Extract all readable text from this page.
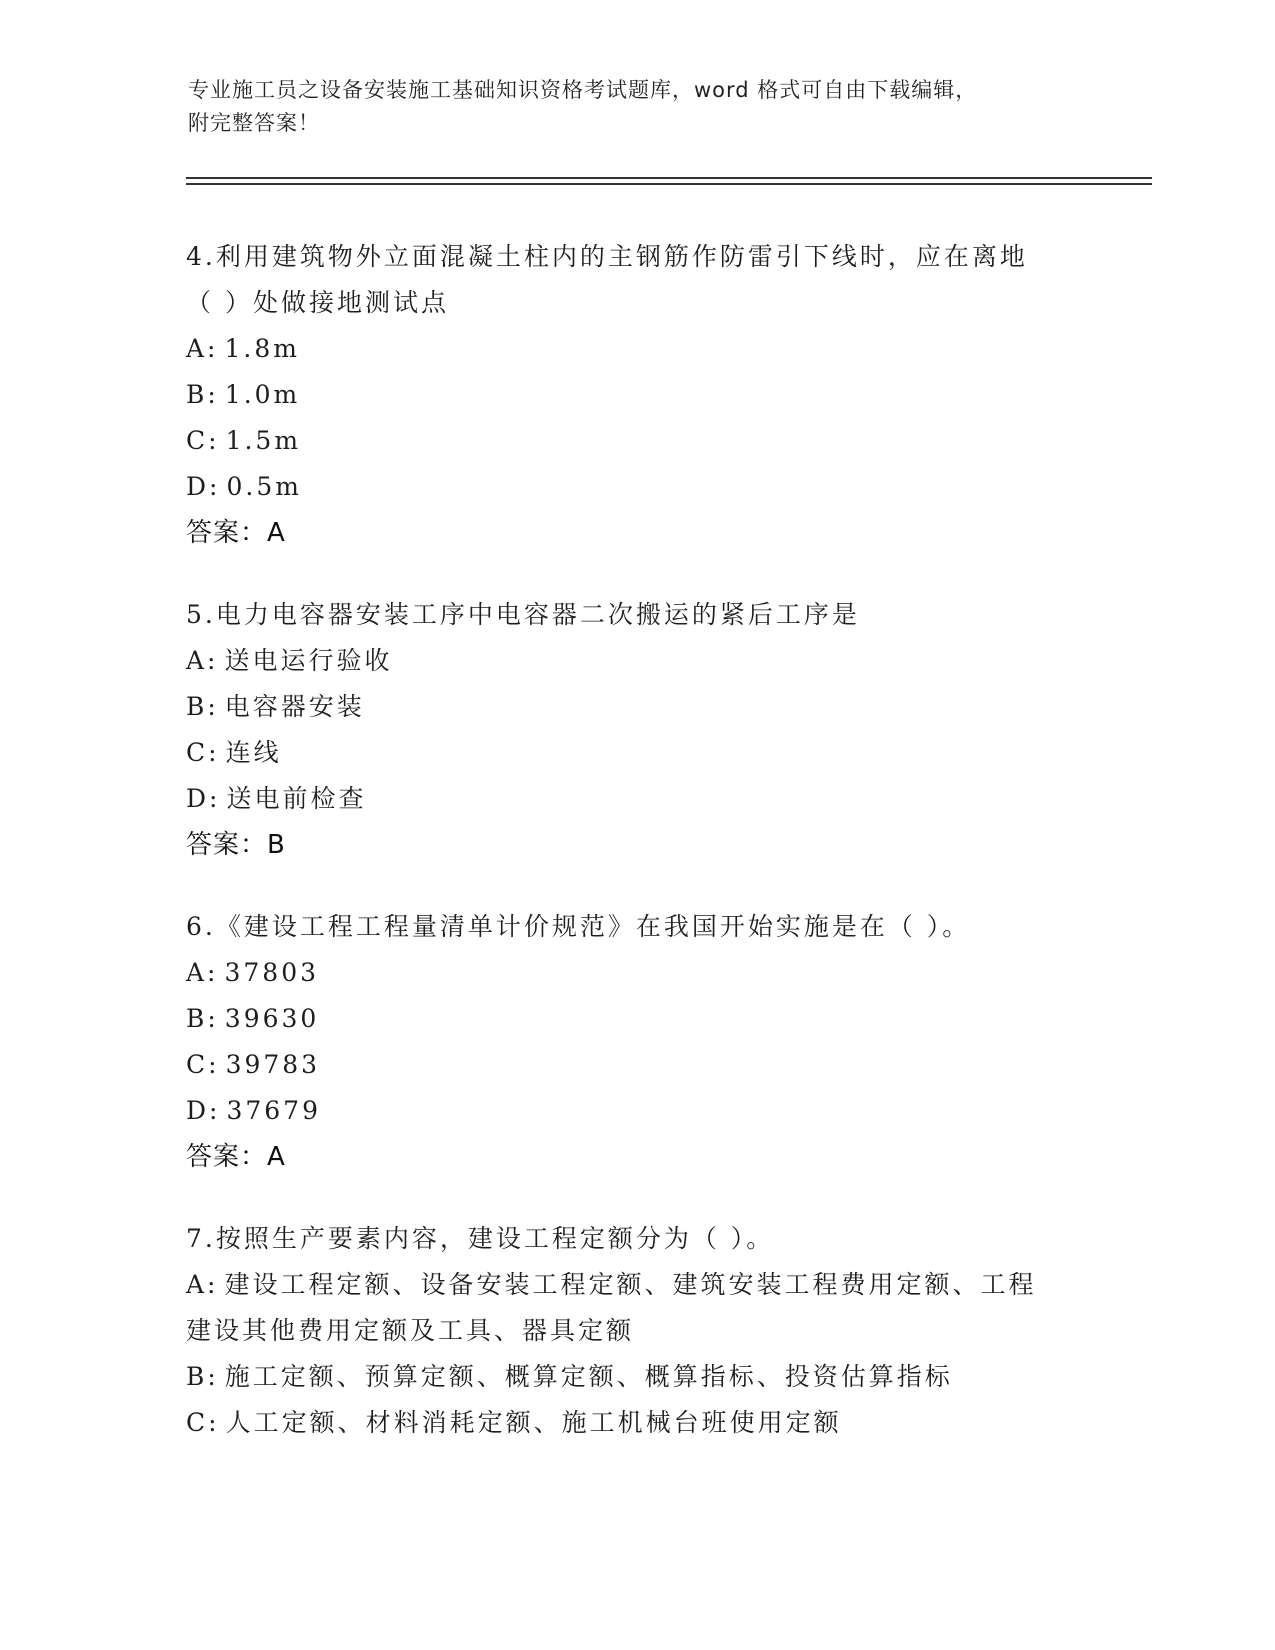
专业施工员之设备安装施工基础知识资格考试题库，word 格式可自由下载编辑，
附完整答案！

4.利用建筑物外立面混凝土柱内的主钢筋作防雷引下线时，应在离地
（ ）处做接地测试点

A: 1.8m

B: 1.0m

C: 1.5m

D: 0.5m

答案：A

5.电力电容器安装工序中电容器二次搬运的紧后工序是

A: 送电运行验收

B: 电容器安装

C: 连线

D: 送电前检查

答案：B

6.《建设工程工程量清单计价规范》在我国开始实施是在（ ）。

A: 37803

B: 39630

C: 39783

D: 37679

答案：A

7.按照生产要素内容，建设工程定额分为（ ）。

A: 建设工程定额、设备安装工程定额、建筑安装工程费用定额、工程
建设其他费用定额及工具、器具定额

B: 施工定额、预算定额、概算定额、概算指标、投资估算指标

C: 人工定额、材料消耗定额、施工机械台班使用定额
